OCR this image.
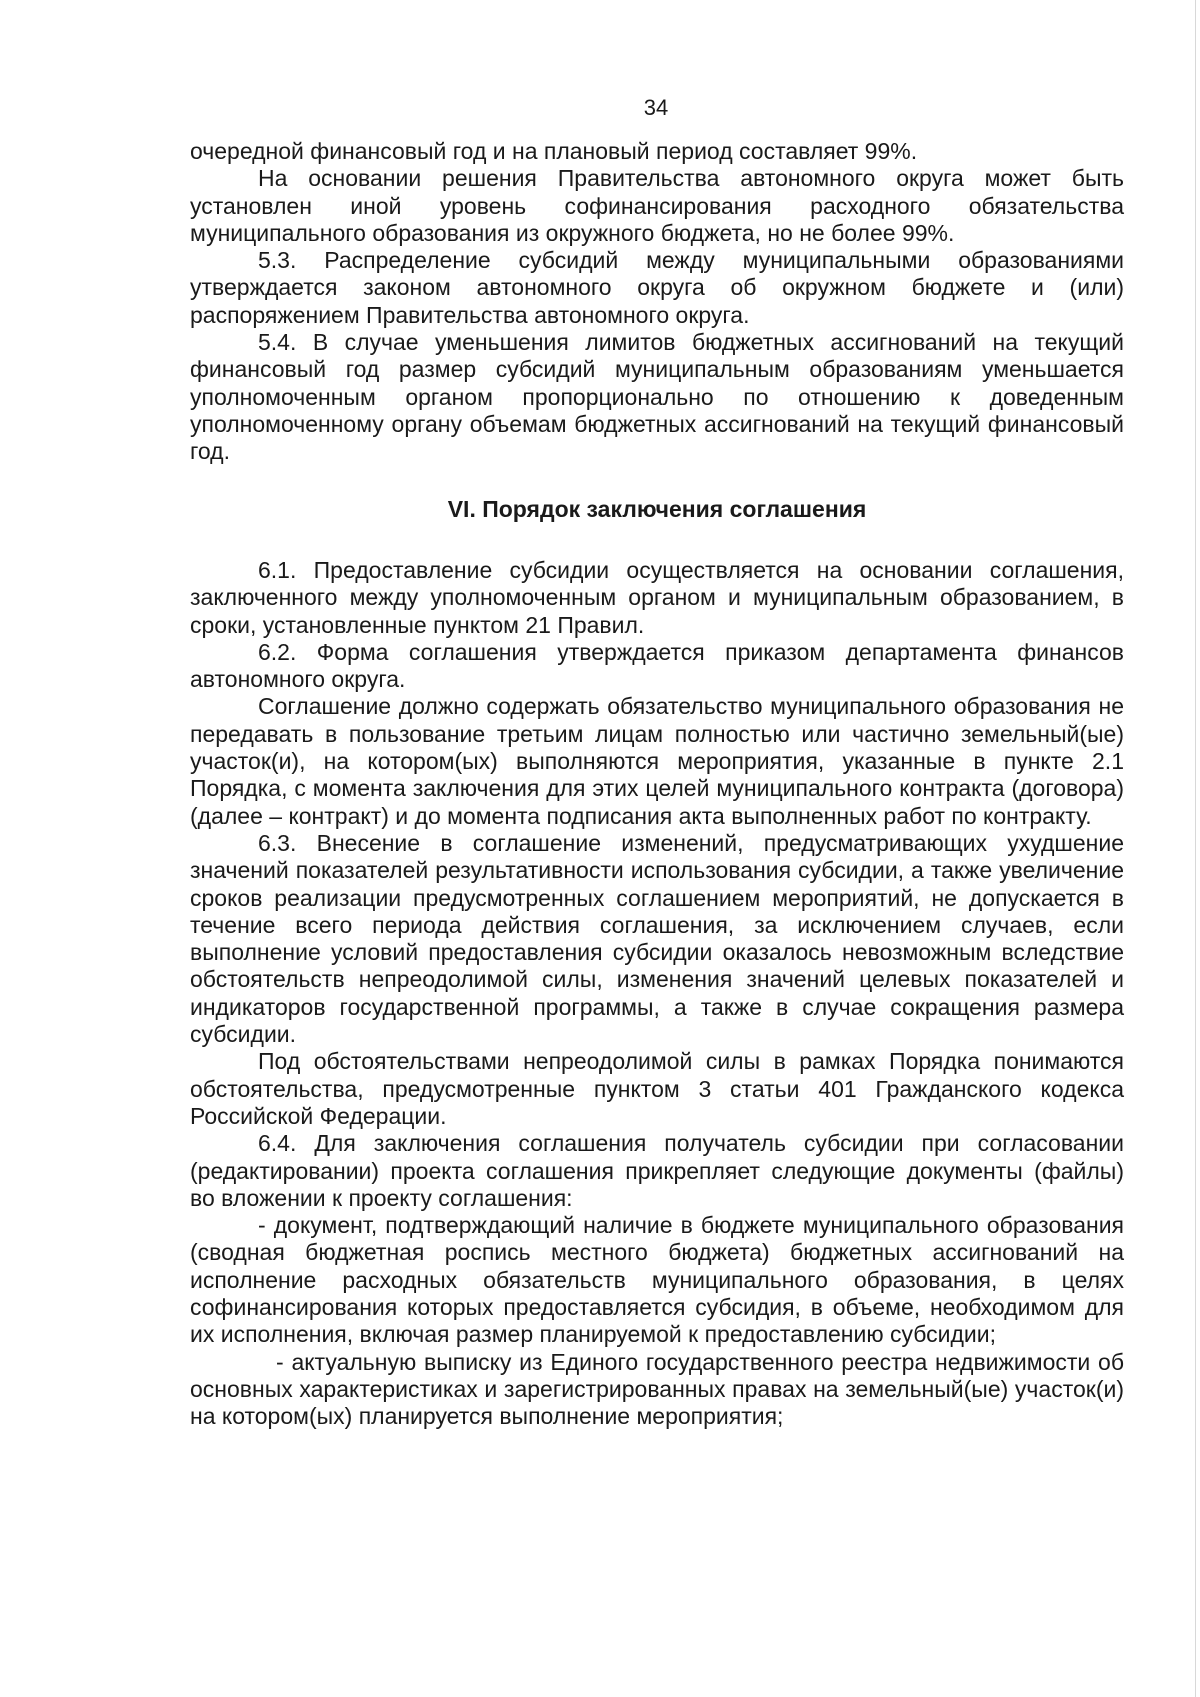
34

очередной финансовый год и на плановый период составляет 99%.

На основании решения Правительства автономного округа может быть установлен иной уровень софинансирования расходного обязательства муниципального образования из окружного бюджета, но не более 99%.

5.3. Распределение субсидий между муниципальными образованиями утверждается законом автономного округа об окружном бюджете и (или) распоряжением Правительства автономного округа.

5.4. В случае уменьшения лимитов бюджетных ассигнований на текущий финансовый год размер субсидий муниципальным образованиям уменьшается уполномоченным органом пропорционально по отношению к доведенным уполномоченному органу объемам бюджетных ассигнований на текущий финансовый год.

VI. Порядок заключения соглашения

6.1. Предоставление субсидии осуществляется на основании соглашения, заключенного между уполномоченным органом и муниципальным образованием, в сроки, установленные пунктом 21 Правил.

6.2. Форма соглашения утверждается приказом департамента финансов автономного округа.

Соглашение должно содержать обязательство муниципального образования не передавать в пользование третьим лицам полностью или частично земельный(ые) участок(и), на котором(ых) выполняются мероприятия, указанные в пункте 2.1 Порядка, с момента заключения для этих целей муниципального контракта (договора) (далее – контракт) и до момента подписания акта выполненных работ по контракту.

6.3. Внесение в соглашение изменений, предусматривающих ухудшение значений показателей результативности использования субсидии, а также увеличение сроков реализации предусмотренных соглашением мероприятий, не допускается в течение всего периода действия соглашения, за исключением случаев, если выполнение условий предоставления субсидии оказалось невозможным вследствие обстоятельств непреодолимой силы, изменения значений целевых показателей и индикаторов государственной программы, а также в случае сокращения размера субсидии.

Под обстоятельствами непреодолимой силы в рамках Порядка понимаются обстоятельства, предусмотренные пунктом 3 статьи 401 Гражданского кодекса Российской Федерации.

6.4. Для заключения соглашения получатель субсидии при согласовании (редактировании) проекта соглашения прикрепляет следующие документы (файлы) во вложении к проекту соглашения:

- документ, подтверждающий наличие в бюджете муниципального образования (сводная бюджетная роспись местного бюджета) бюджетных ассигнований на исполнение расходных обязательств муниципального образования, в целях софинансирования которых предоставляется субсидия, в объеме, необходимом для их исполнения, включая размер планируемой к предоставлению субсидии;

- актуальную выписку из Единого государственного реестра недвижимости об основных характеристиках и зарегистрированных правах на земельный(ые) участок(и) на котором(ых) планируется выполнение мероприятия;
